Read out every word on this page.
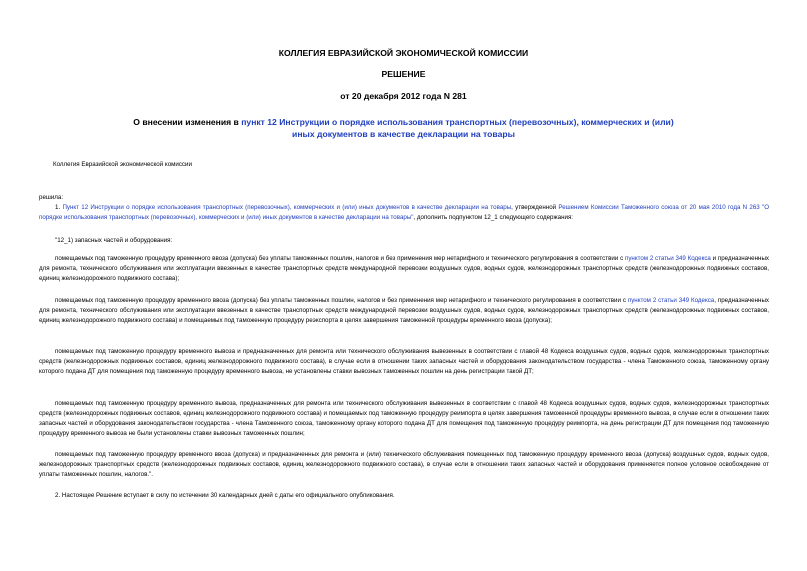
КОЛЛЕГИЯ ЕВРАЗИЙСКОЙ ЭКОНОМИЧЕСКОЙ КОМИССИИ
РЕШЕНИЕ
от 20 декабря 2012 года N 281
О внесении изменения в пункт 12 Инструкции о порядке использования транспортных (перевозочных), коммерческих и (или) иных документов в качестве декларации на товары
Коллегия Евразийской экономической комиссии
решила:
1. Пункт 12 Инструкции о порядке использования транспортных (перевозочных), коммерческих и (или) иных документов в качестве декларации на товары, утвержденной Решением Комиссии Таможенного союза от 20 мая 2010 года N 263 "О порядке использования транспортных (перевозочных), коммерческих и (или) иных документов в качестве декларации на товары", дополнить подпунктом 12_1 следующего содержания:
"12_1) запасных частей и оборудования:
помещаемых под таможенную процедуру временного ввоза (допуска) без уплаты таможенных пошлин, налогов и без применения мер нетарифного и технического регулирования в соответствии с пунктом 2 статьи 349 Кодекса и предназначенных для ремонта, технического обслуживания или эксплуатации ввезенных в качестве транспортных средств международной перевозки воздушных судов, водных судов, железнодорожных транспортных средств (железнодорожных подвижных составов, единиц железнодорожного подвижного состава);
помещаемых под таможенную процедуру временного ввоза (допуска) без уплаты таможенных пошлин, налогов и без применения мер нетарифного и технического регулирования в соответствии с пунктом 2 статьи 349 Кодекса, предназначенных для ремонта, технического обслуживания или эксплуатации ввезенных в качестве транспортных средств международной перевозки воздушных судов, водных судов, железнодорожных транспортных средств (железнодорожных подвижных составов, единиц железнодорожного подвижного состава) и помещаемых под таможенную процедуру реэкспорта в целях завершения таможенной процедуры временного ввоза (допуска);
помещаемых под таможенную процедуру временного вывоза и предназначенных для ремонта или технического обслуживания вывезенных в соответствии с главой 48 Кодекса воздушных судов, водных судов, железнодорожных транспортных средств (железнодорожных подвижных составов, единиц железнодорожного подвижного состава), в случае если в отношении таких запасных частей и оборудования законодательством государства - члена Таможенного союза, таможенному органу которого подана ДТ для помещения под таможенную процедуру временного вывоза, не установлены ставки вывозных таможенных пошлин на день регистрации такой ДТ;
помещаемых под таможенную процедуру временного вывоза, предназначенных для ремонта или технического обслуживания вывезенных в соответствии с главой 48 Кодекса воздушных судов, водных судов, железнодорожных транспортных средств (железнодорожных подвижных составов, единиц железнодорожного подвижного состава) и помещаемых под таможенную процедуру реимпорта в целях завершения таможенной процедуры временного вывоза, в случае если в отношении таких запасных частей и оборудования законодательством государства - члена Таможенного союза, таможенному органу которого подана ДТ для помещения под таможенную процедуру реимпорта, на день регистрации ДТ для помещения под таможенную процедуру временного вывоза не были установлены ставки вывозных таможенных пошлин;
помещаемых под таможенную процедуру временного ввоза (допуска) и предназначенных для ремонта и (или) технического обслуживания помещенных под таможенную процедуру временного ввоза (допуска) воздушных судов, водных судов, железнодорожных транспортных средств (железнодорожных подвижных составов, единиц железнодорожного подвижного состава), в случае если в отношении таких запасных частей и оборудования применяется полное условное освобождение от уплаты таможенных пошлин, налогов.".
2. Настоящее Решение вступает в силу по истечении 30 календарных дней с даты его официального опубликования.
